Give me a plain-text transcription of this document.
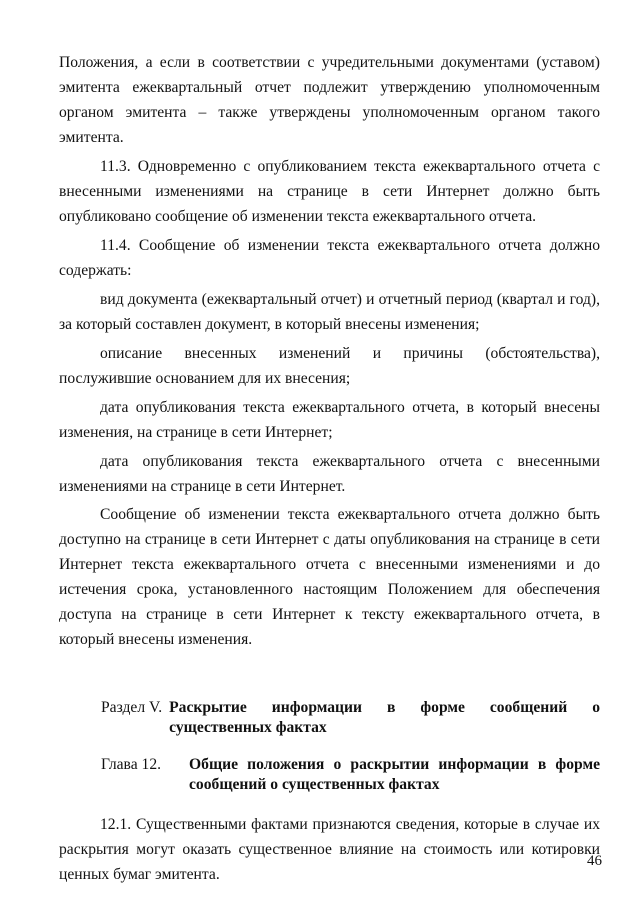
Положения, а если в соответствии с учредительными документами (уставом) эмитента ежеквартальный отчет подлежит утверждению уполномоченным органом эмитента – также утверждены уполномоченным органом такого эмитента.

11.3. Одновременно с опубликованием текста ежеквартального отчета с внесенными изменениями на странице в сети Интернет должно быть опубликовано сообщение об изменении текста ежеквартального отчета.

11.4. Сообщение об изменении текста ежеквартального отчета должно содержать:

вид документа (ежеквартальный отчет) и отчетный период (квартал и год), за который составлен документ, в который внесены изменения;

описание внесенных изменений и причины (обстоятельства), послужившие основанием для их внесения;

дата опубликования текста ежеквартального отчета, в который внесены изменения, на странице в сети Интернет;

дата опубликования текста ежеквартального отчета с внесенными изменениями на странице в сети Интернет.

Сообщение об изменении текста ежеквартального отчета должно быть доступно на странице в сети Интернет с даты опубликования на странице в сети Интернет текста ежеквартального отчета с внесенными изменениями и до истечения срока, установленного настоящим Положением для обеспечения доступа на странице в сети Интернет к тексту ежеквартального отчета, в который внесены изменения.

Раздел V. Раскрытие информации в форме сообщений о существенных фактах
Глава 12.	Общие положения о раскрытии информации в форме сообщений о существенных фактах

12.1. Существенными фактами признаются сведения, которые в случае их раскрытия могут оказать существенное влияние на стоимость или котировки ценных бумаг эмитента.

46
